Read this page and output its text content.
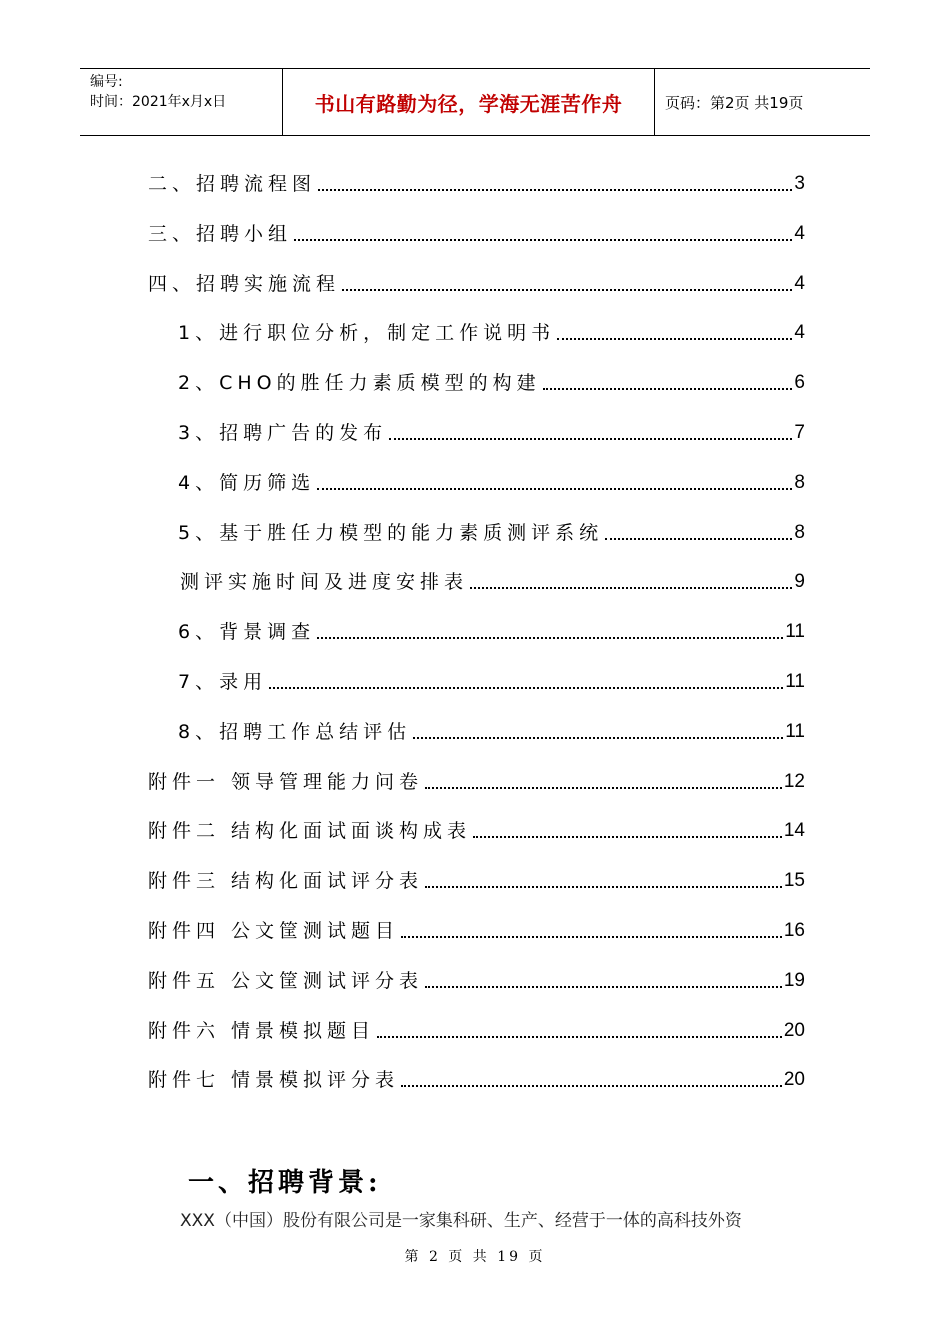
编号:
时间：2021年x月x日	书山有路勤为径，学海无涯苦作舟	页码：第2页 共19页
二、招聘流程图	3
三、招聘小组	4
四、招聘实施流程	4
1、进行职位分析，制定工作说明书	4
2、CHO的胜任力素质模型的构建	6
3、招聘广告的发布	7
4、简历筛选	8
5、基于胜任力模型的能力素质测评系统	8
测评实施时间及进度安排表	9
6、背景调查	11
7、录用	11
8、招聘工作总结评估	11
附件一 领导管理能力问卷	12
附件二 结构化面试面谈构成表	14
附件三 结构化面试评分表	15
附件四 公文筐测试题目	16
附件五 公文筐测试评分表	19
附件六 情景模拟题目	20
附件七 情景模拟评分表	20
一、招聘背景:
XXX（中国）股份有限公司是一家集科研、生产、经营于一体的高科技外资
第 2 页 共 19 页
